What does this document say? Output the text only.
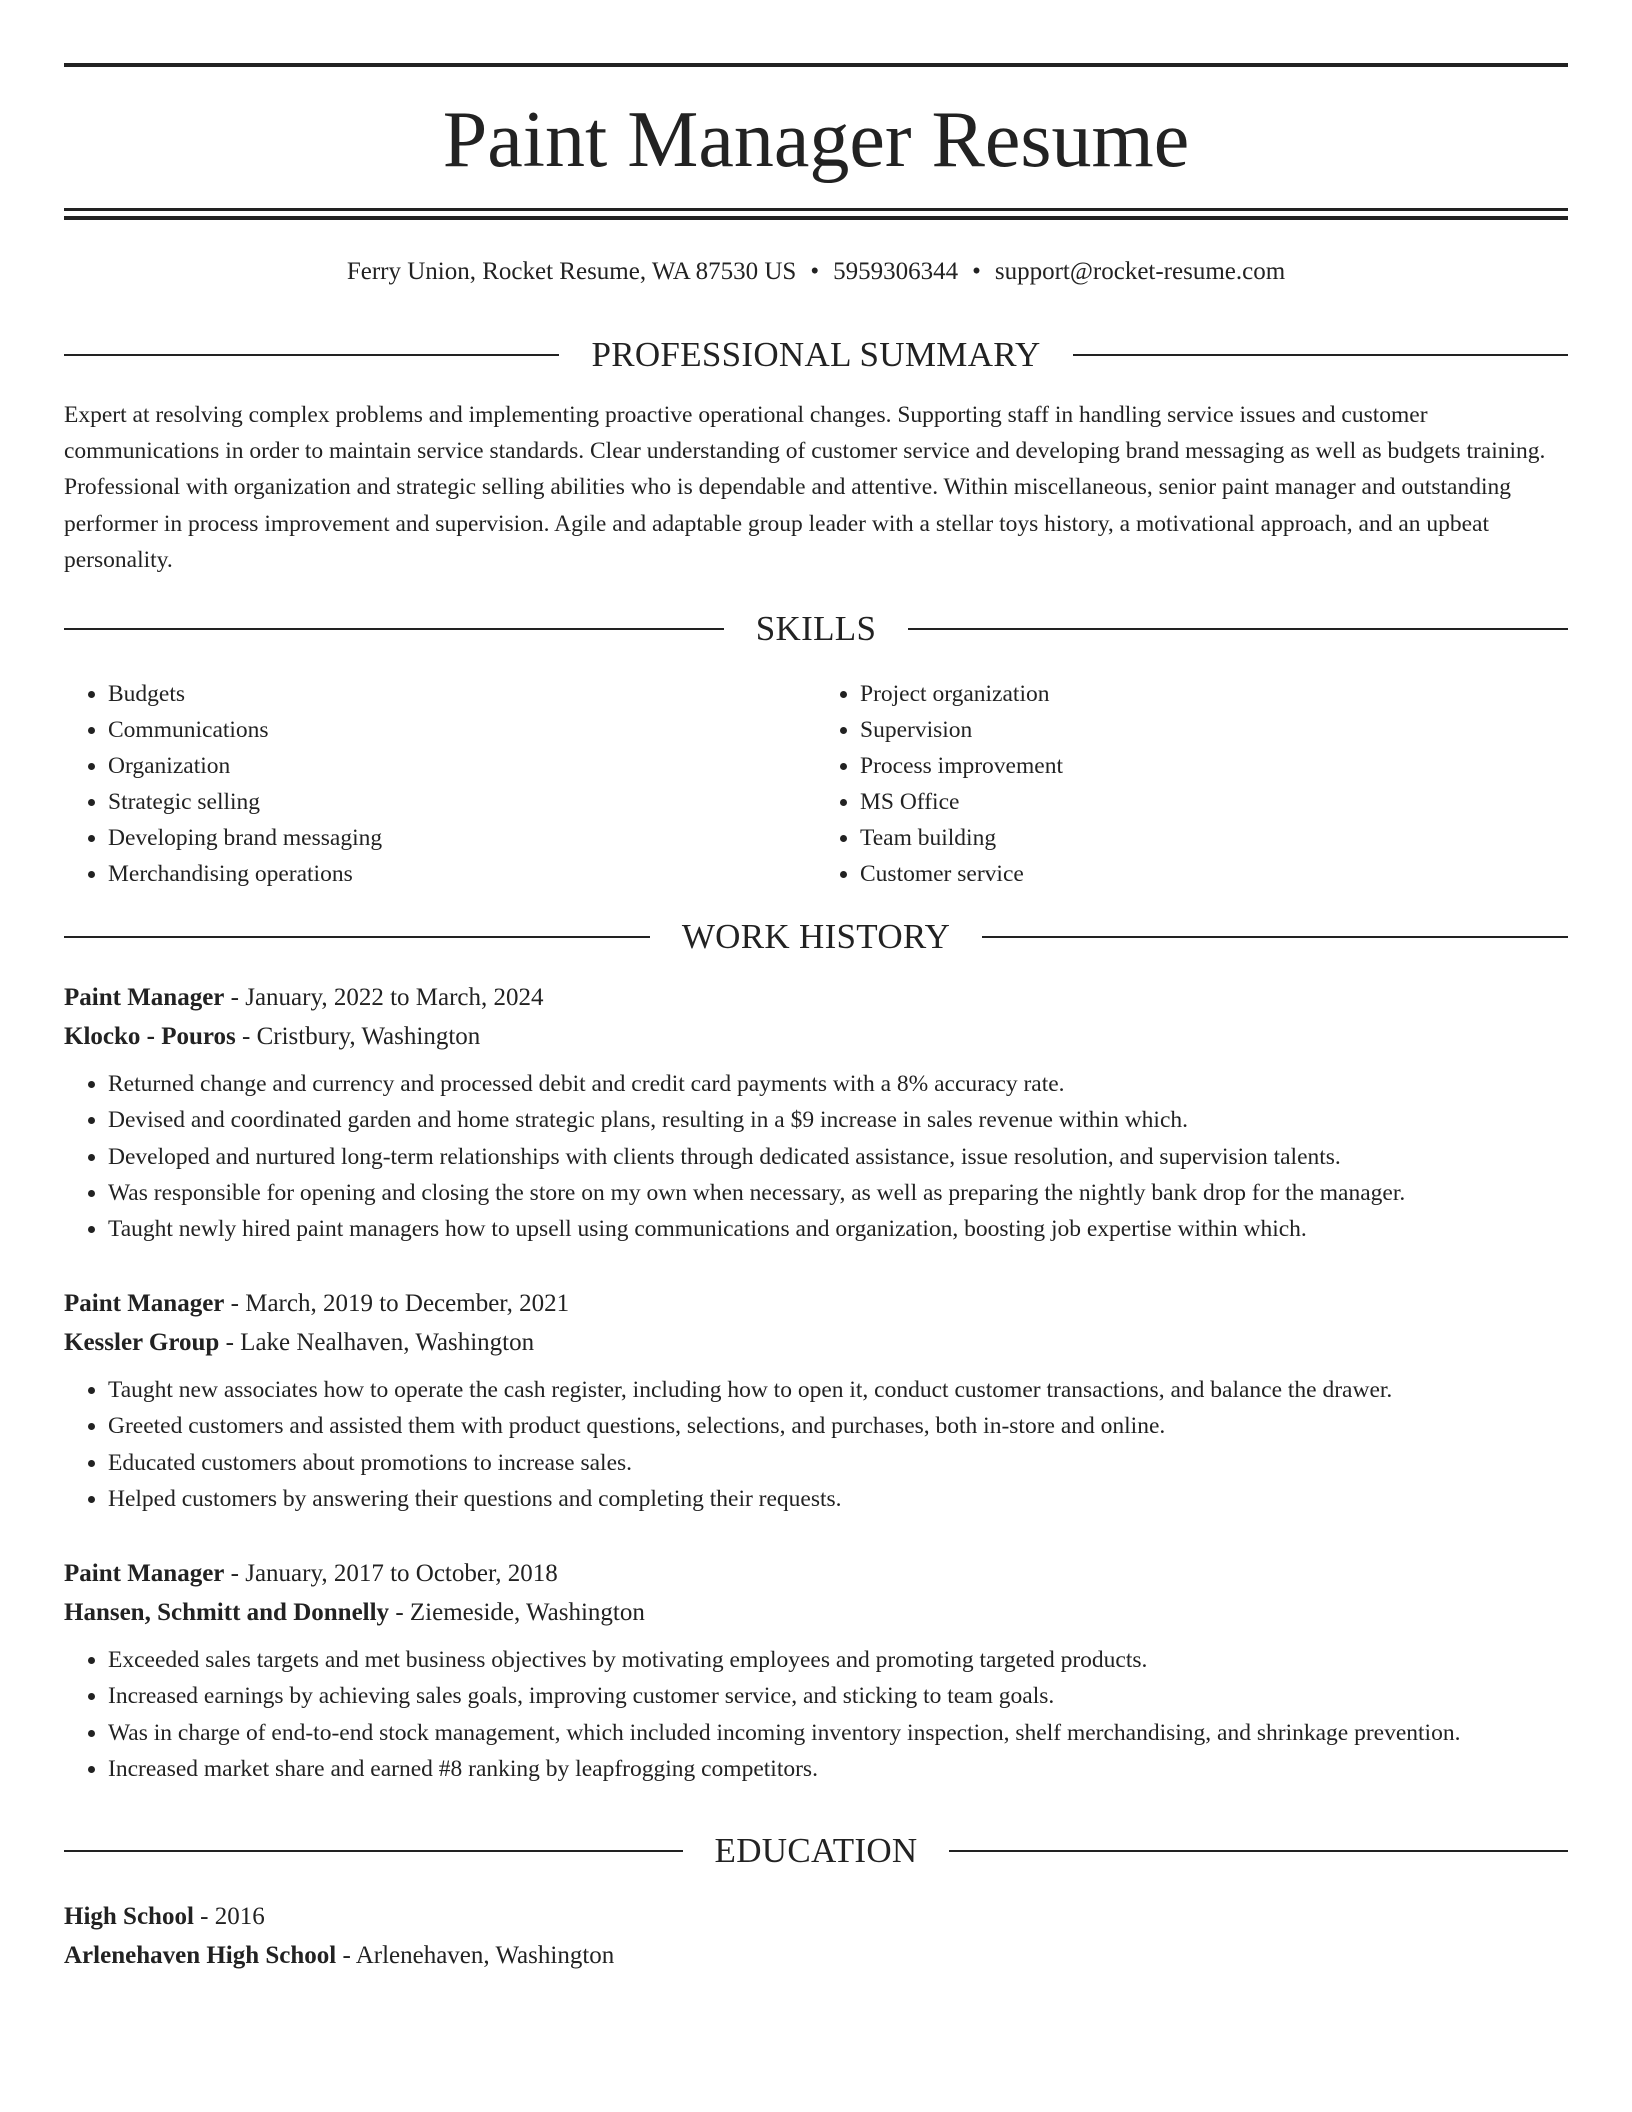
Paint Manager Resume
Ferry Union, Rocket Resume, WA 87530 US • 5959306344 • support@rocket-resume.com
PROFESSIONAL SUMMARY

Expert at resolving complex problems and implementing proactive operational changes. Supporting staff in handling service issues and customer communications in order to maintain service standards. Clear understanding of customer service and developing brand messaging as well as budgets training. Professional with organization and strategic selling abilities who is dependable and attentive. Within miscellaneous, senior paint manager and outstanding performer in process improvement and supervision. Agile and adaptable group leader with a stellar toys history, a motivational approach, and an upbeat personality.

SKILLS
• Budgets
• Communications
• Organization
• Strategic selling
• Developing brand messaging
• Merchandising operations
• Project organization
• Supervision
• Process improvement
• MS Office
• Team building
• Customer service
WORK HISTORY
Paint Manager - January, 2022 to March, 2024
Klocko - Pouros - Cristbury, Washington
• Returned change and currency and processed debit and credit card payments with a 8% accuracy rate.
• Devised and coordinated garden and home strategic plans, resulting in a $9 increase in sales revenue within which.
• Developed and nurtured long-term relationships with clients through dedicated assistance, issue resolution, and supervision talents.
• Was responsible for opening and closing the store on my own when necessary, as well as preparing the nightly bank drop for the manager.
• Taught newly hired paint managers how to upsell using communications and organization, boosting job expertise within which.
Paint Manager - March, 2019 to December, 2021
Kessler Group - Lake Nealhaven, Washington
• Taught new associates how to operate the cash register, including how to open it, conduct customer transactions, and balance the drawer.
• Greeted customers and assisted them with product questions, selections, and purchases, both in-store and online.
• Educated customers about promotions to increase sales.
• Helped customers by answering their questions and completing their requests.
Paint Manager - January, 2017 to October, 2018
Hansen, Schmitt and Donnelly - Ziemeside, Washington
• Exceeded sales targets and met business objectives by motivating employees and promoting targeted products.
• Increased earnings by achieving sales goals, improving customer service, and sticking to team goals.
• Was in charge of end-to-end stock management, which included incoming inventory inspection, shelf merchandising, and shrinkage prevention.
• Increased market share and earned #8 ranking by leapfrogging competitors.
EDUCATION
High School - 2016
Arlenehaven High School - Arlenehaven, Washington
